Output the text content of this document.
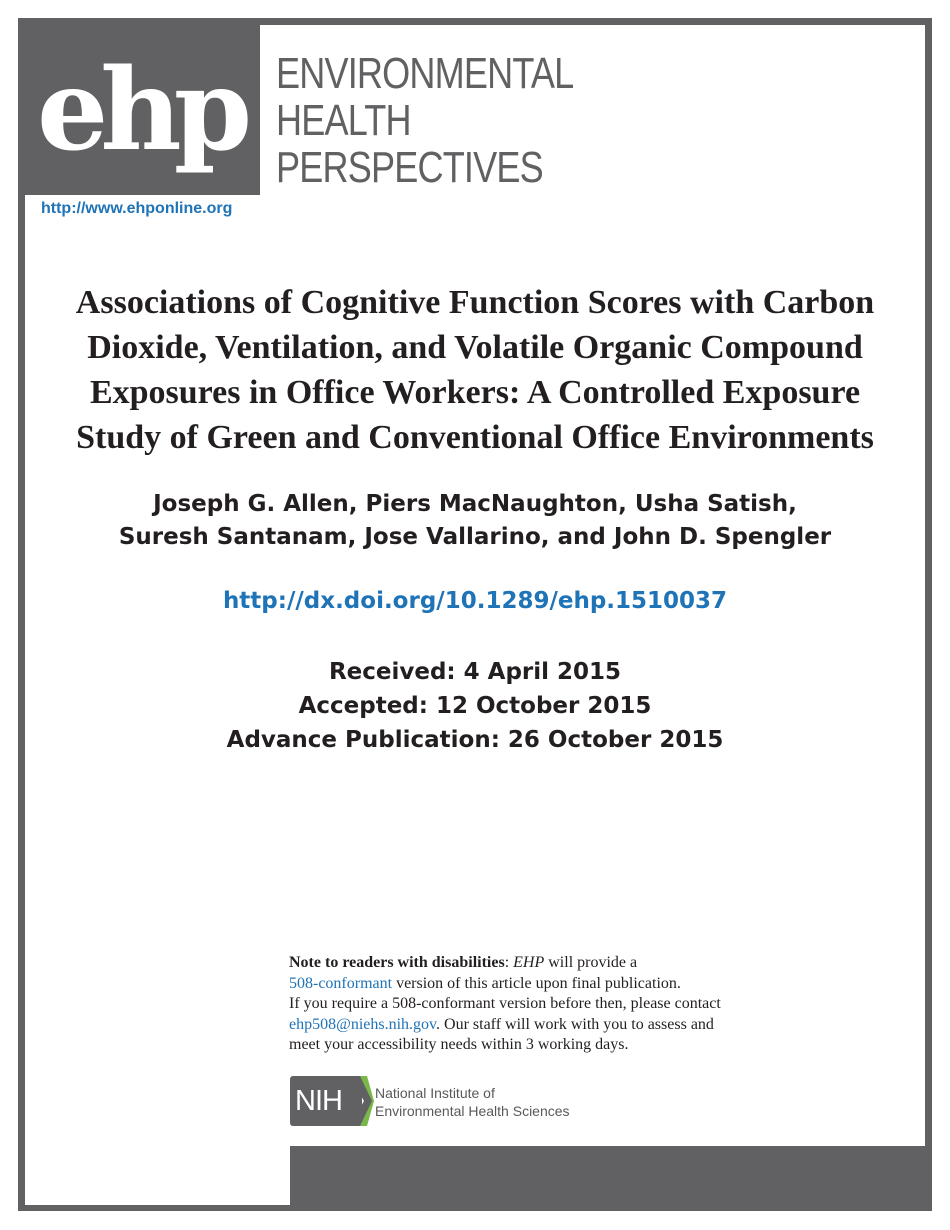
ehp ENVIRONMENTAL
HEALTH
PERSPECTIVES
http://www.ehponline.org
Associations of Cognitive Function Scores with Carbon
Dioxide, Ventilation, and Volatile Organic Compound
Exposures in Office Workers: A Controlled Exposure
Study of Green and Conventional Office Environments
Joseph G. Allen, Piers MacNaughton, Usha Satish,
Suresh Santanam, Jose Vallarino, and John D. Spengler
http://dx.doi.org/10.1289/ehp.1510037
Received: 4 April 2015
Accepted: 12 October 2015
Advance Publication: 26 October 2015
Note to readers with disabilities: EHP will provide a
508-conformant version of this article upon final publication.
If you require a 508-conformant version before then, please contact
ehp508@niehs.nih.gov. Our staff will work with you to assess and
meet your accessibility needs within 3 working days.
NIH National Institute of
Environmental Health Sciences
